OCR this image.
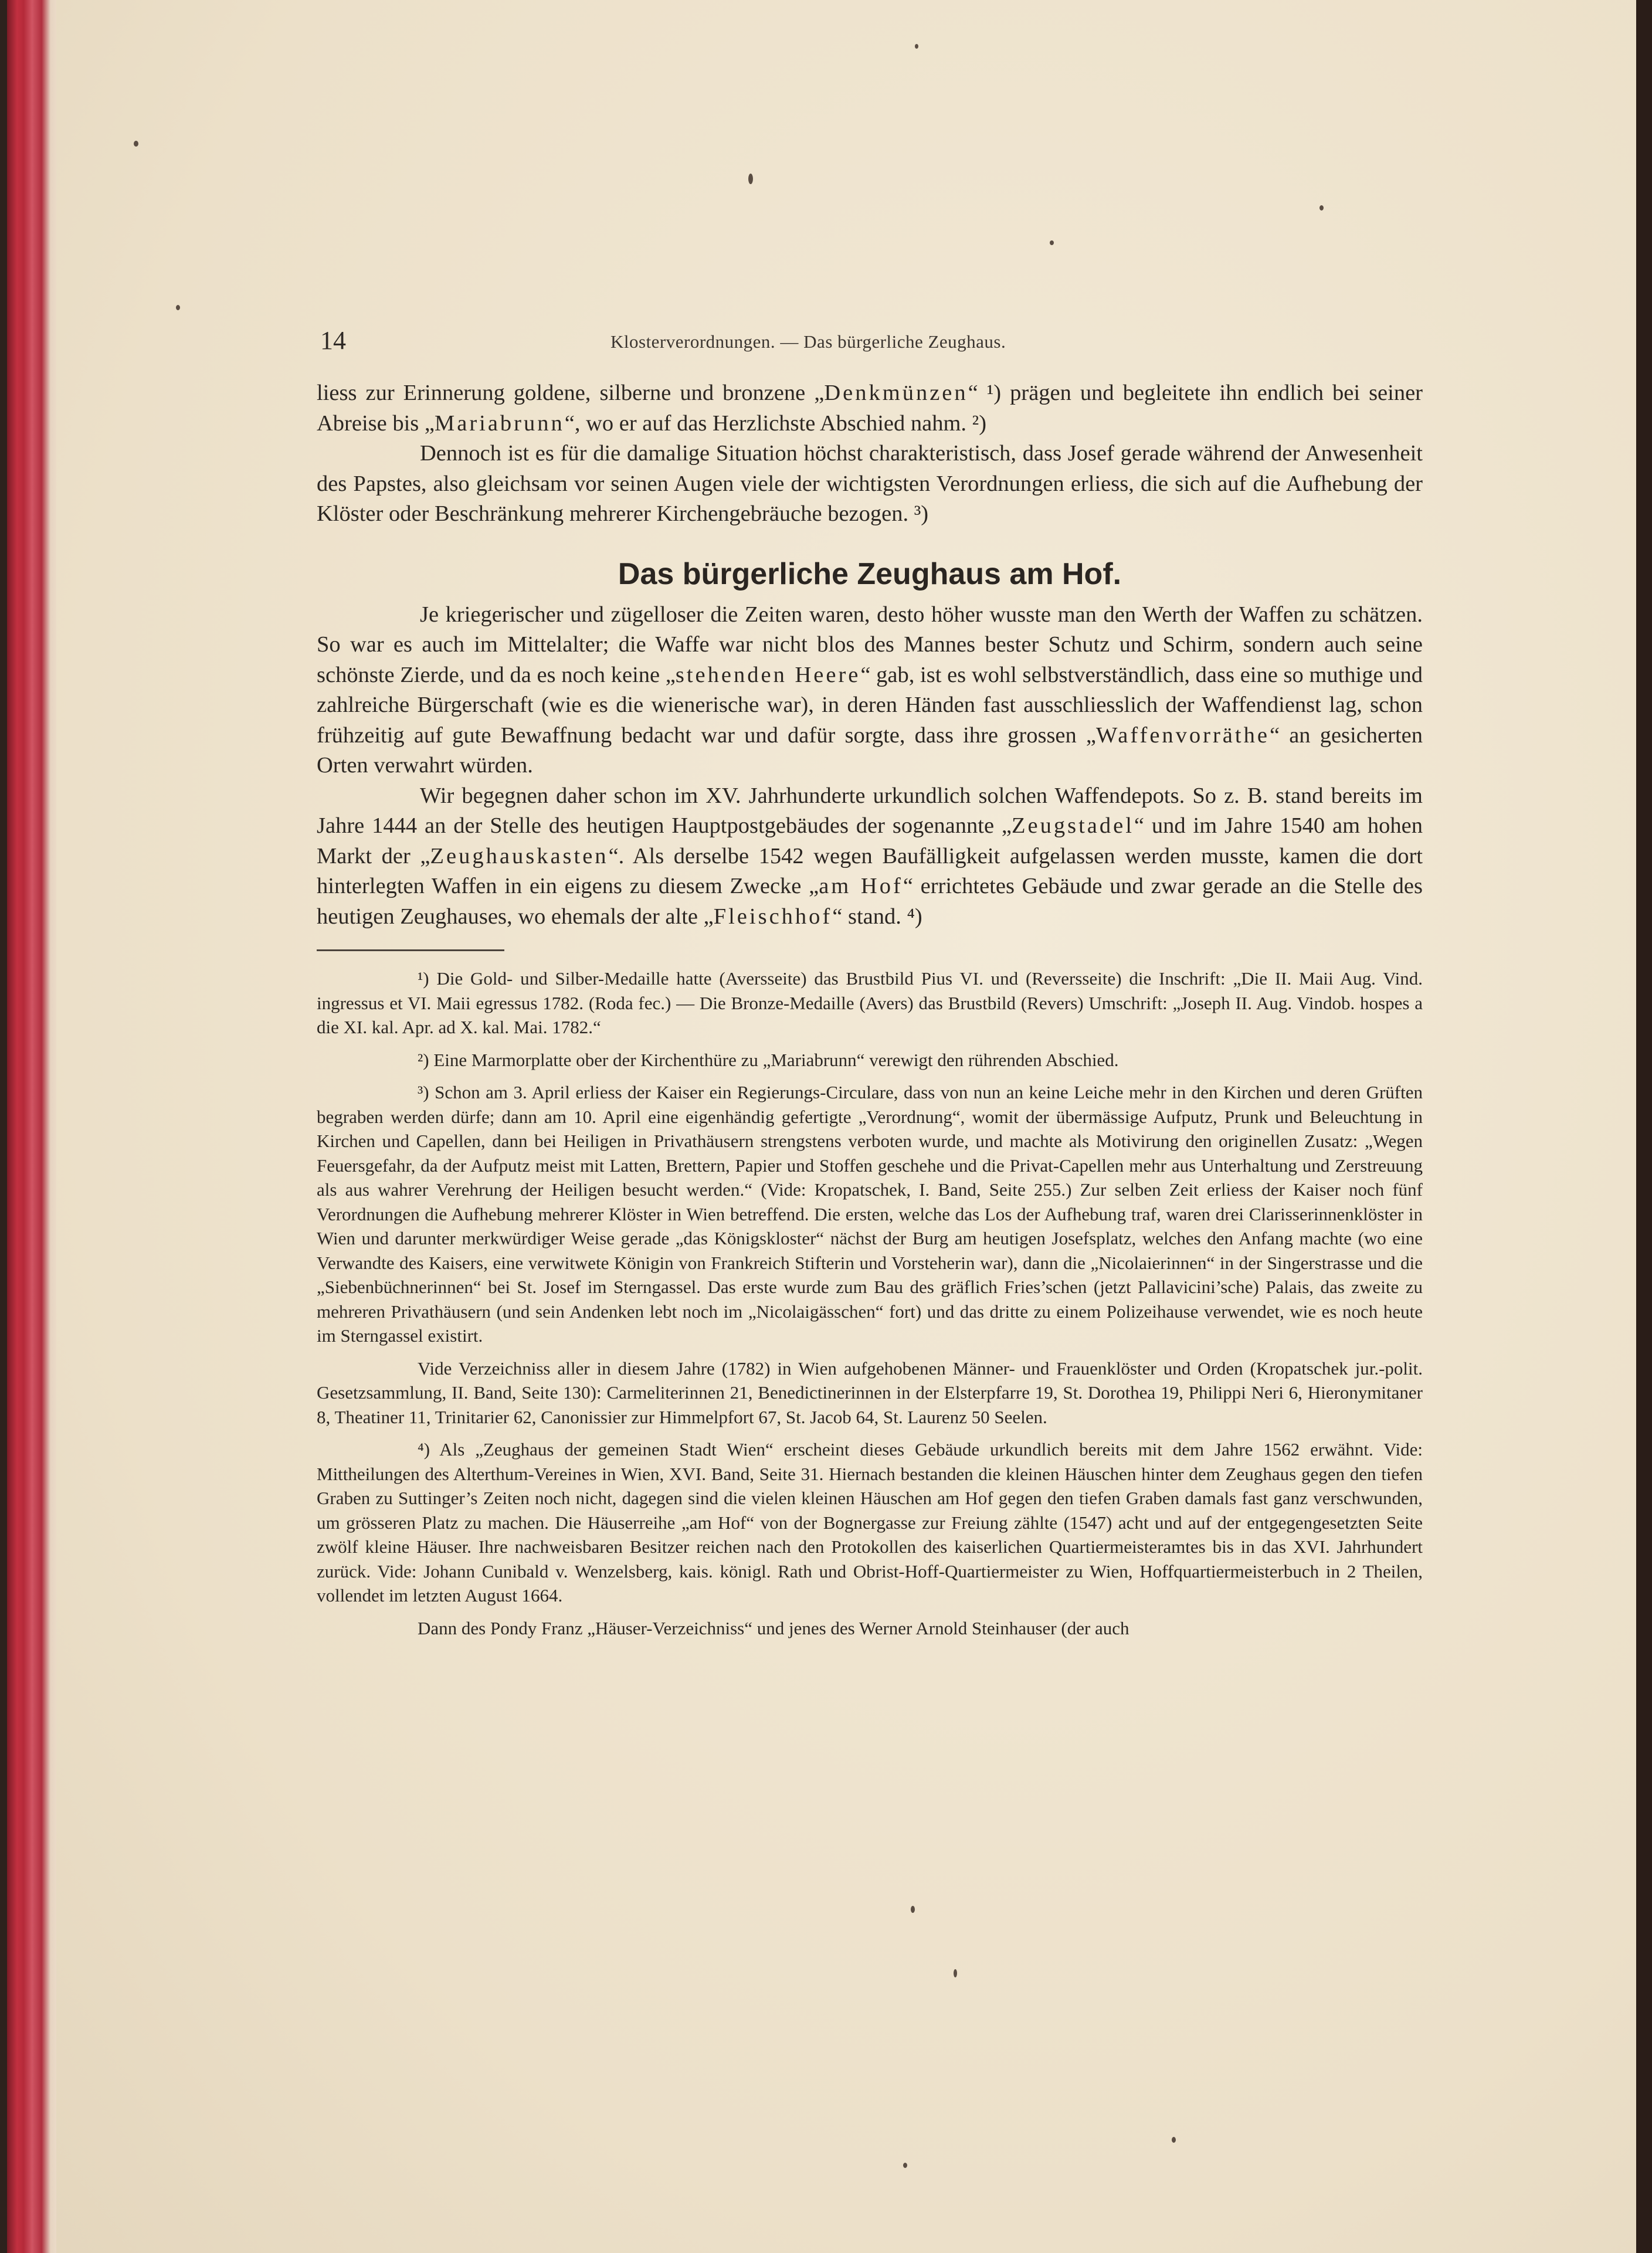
14	Klosterverordnungen. — Das bürgerliche Zeughaus.

liess zur Erinnerung goldene, silberne und bronzene „Denkmünzen“ ¹) prägen und begleitete ihn endlich bei seiner Abreise bis „Mariabrunn“, wo er auf das Herzlichste Abschied nahm. ²)

Dennoch ist es für die damalige Situation höchst charakteristisch, dass Josef gerade während der Anwesenheit des Papstes, also gleichsam vor seinen Augen viele der wichtigsten Verordnungen erliess, die sich auf die Aufhebung der Klöster oder Beschränkung mehrerer Kirchengebräuche bezogen. ³)

Das bürgerliche Zeughaus am Hof.

Je kriegerischer und zügelloser die Zeiten waren, desto höher wusste man den Werth der Waffen zu schätzen. So war es auch im Mittelalter; die Waffe war nicht blos des Mannes bester Schutz und Schirm, sondern auch seine schönste Zierde, und da es noch keine „stehenden Heere“ gab, ist es wohl selbstverständlich, dass eine so muthige und zahlreiche Bürgerschaft (wie es die wienerische war), in deren Händen fast ausschliesslich der Waffendienst lag, schon frühzeitig auf gute Bewaffnung bedacht war und dafür sorgte, dass ihre grossen „Waffenvorräthe“ an gesicherten Orten verwahrt würden.

Wir begegnen daher schon im XV. Jahrhunderte urkundlich solchen Waffendepots. So z. B. stand bereits im Jahre 1444 an der Stelle des heutigen Hauptpostgebäudes der sogenannte „Zeugstadel“ und im Jahre 1540 am hohen Markt der „Zeughauskasten“. Als derselbe 1542 wegen Baufälligkeit aufgelassen werden musste, kamen die dort hinterlegten Waffen in ein eigens zu diesem Zwecke „am Hof“ errichtetes Gebäude und zwar gerade an die Stelle des heutigen Zeughauses, wo ehemals der alte „Fleischhof“ stand. ⁴)

¹) Die Gold- und Silber-Medaille hatte (Aversseite) das Brustbild Pius VI. und (Reversseite) die Inschrift: „Die II. Maii Aug. Vind. ingressus et VI. Maii egressus 1782. (Roda fec.) — Die Bronze-Medaille (Avers) das Brustbild (Revers) Umschrift: „Joseph II. Aug. Vindob. hospes a die XI. kal. Apr. ad X. kal. Mai. 1782.“

²) Eine Marmorplatte ober der Kirchenthüre zu „Mariabrunn“ verewigt den rührenden Abschied.

³) Schon am 3. April erliess der Kaiser ein Regierungs-Circulare, dass von nun an keine Leiche mehr in den Kirchen und deren Grüften begraben werden dürfe; dann am 10. April eine eigenhändig gefertigte „Verordnung“, womit der übermässige Aufputz, Prunk und Beleuchtung in Kirchen und Capellen, dann bei Heiligen in Privathäusern strengstens verboten wurde, und machte als Motivirung den originellen Zusatz: „Wegen Feuersgefahr, da der Aufputz meist mit Latten, Brettern, Papier und Stoffen geschehe und die Privat-Capellen mehr aus Unterhaltung und Zerstreuung als aus wahrer Verehrung der Heiligen besucht werden.“ (Vide: Kropatschek, I. Band, Seite 255.) Zur selben Zeit erliess der Kaiser noch fünf Verordnungen die Aufhebung mehrerer Klöster in Wien betreffend. Die ersten, welche das Los der Aufhebung traf, waren drei Clarisserinnenklöster in Wien und darunter merkwürdiger Weise gerade „das Königskloster“ nächst der Burg am heutigen Josefsplatz, welches den Anfang machte (wo eine Verwandte des Kaisers, eine verwitwete Königin von Frankreich Stifterin und Vorsteherin war), dann die „Nicolaierinnen“ in der Singerstrasse und die „Siebenbüchnerinnen“ bei St. Josef im Sterngassel. Das erste wurde zum Bau des gräflich Fries’schen (jetzt Pallavicini’sche) Palais, das zweite zu mehreren Privathäusern (und sein Andenken lebt noch im „Nicolaigässchen“ fort) und das dritte zu einem Polizeihause verwendet, wie es noch heute im Sterngassel existirt.

Vide Verzeichniss aller in diesem Jahre (1782) in Wien aufgehobenen Männer- und Frauenklöster und Orden (Kropatschek jur.-polit. Gesetzsammlung, II. Band, Seite 130): Carmeliterinnen 21, Benedictinerinnen in der Elsterpfarre 19, St. Dorothea 19, Philippi Neri 6, Hieronymitaner 8, Theatiner 11, Trinitarier 62, Canonissier zur Himmelpfort 67, St. Jacob 64, St. Laurenz 50 Seelen.

⁴) Als „Zeughaus der gemeinen Stadt Wien“ erscheint dieses Gebäude urkundlich bereits mit dem Jahre 1562 erwähnt. Vide: Mittheilungen des Alterthum-Vereines in Wien, XVI. Band, Seite 31. Hiernach bestanden die kleinen Häuschen hinter dem Zeughaus gegen den tiefen Graben zu Suttinger’s Zeiten noch nicht, dagegen sind die vielen kleinen Häuschen am Hof gegen den tiefen Graben damals fast ganz verschwunden, um grösseren Platz zu machen. Die Häuserreihe „am Hof“ von der Bognergasse zur Freiung zählte (1547) acht und auf der entgegengesetzten Seite zwölf kleine Häuser. Ihre nachweisbaren Besitzer reichen nach den Protokollen des kaiserlichen Quartiermeisteramtes bis in das XVI. Jahrhundert zurück. Vide: Johann Cunibald v. Wenzelsberg, kais. königl. Rath und Obrist-Hoff-Quartiermeister zu Wien, Hoffquartiermeisterbuch in 2 Theilen, vollendet im letzten August 1664.

Dann des Pondy Franz „Häuser-Verzeichniss“ und jenes des Werner Arnold Steinhauser (der auch
